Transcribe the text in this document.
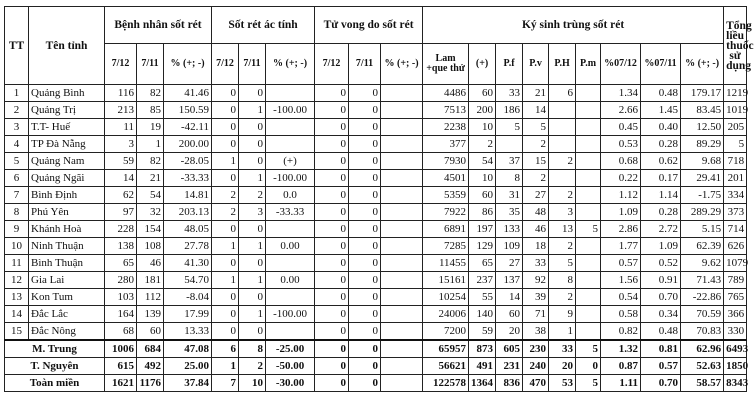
TT	Tên tỉnh	Bệnh nhân sốt rét			Sốt rét ác tính			Tử vong do sốt rét			Ký sinh trùng sốt rét									Tổng liều thuốc sử dụng
		7/12	7/11	% (+; -)	7/12	7/11	% (+; -)	7/12	7/11	% (+; -)	Lam +que thử	(+)	P.f	P.v	P.H	P.m	%07/12	%07/11	% (+; -)	
1	Quảng Bình	116	82	41.46	0	0		0	0		4486	60	33	21	6		1.34	0.48	179.17	1219
2	Quảng Trị	213	85	150.59	0	1	-100.00	0	0		7513	200	186	14			2.66	1.45	83.45	1019
3	T.T- Huế	11	19	-42.11	0	0		0	0		2238	10	5	5			0.45	0.40	12.50	205
4	TP Đà Nẵng	3	1	200.00	0	0		0	0		377	2		2			0.53	0.28	89.29	5
5	Quảng Nam	59	82	-28.05	1	0	(+)	0	0		7930	54	37	15	2		0.68	0.62	9.68	718
6	Quảng Ngãi	14	21	-33.33	0	1	-100.00	0	0		4501	10	8	2			0.22	0.17	29.41	201
7	Bình Định	62	54	14.81	2	2	0.0	0	0		5359	60	31	27	2		1.12	1.14	-1.75	334
8	Phú Yên	97	32	203.13	2	3	-33.33	0	0		7922	86	35	48	3		1.09	0.28	289.29	373
9	Khánh Hoà	228	154	48.05	0	0		0	0		6891	197	133	46	13	5	2.86	2.72	5.15	714
10	Ninh Thuận	138	108	27.78	1	1	0.00	0	0		7285	129	109	18	2		1.77	1.09	62.39	626
11	Bình Thuận	65	46	41.30	0	0		0	0		11455	65	27	33	5		0.57	0.52	9.62	1079
12	Gia Lai	280	181	54.70	1	1	0.00	0	0		15161	237	137	92	8		1.56	0.91	71.43	789
13	Kon Tum	103	112	-8.04	0	0		0	0		10254	55	14	39	2		0.54	0.70	-22.86	765
14	Đắc Lắc	164	139	17.99	0	1	-100.00	0	0		24006	140	60	71	9		0.58	0.34	70.59	366
15	Đắc Nông	68	60	13.33	0	0		0	0		7200	59	20	38	1		0.82	0.48	70.83	330
M. Trung		1006	684	47.08	6	8	-25.00	0	0		65957	873	605	230	33	5	1.32	0.81	62.96	6493
T. Nguyên		615	492	25.00	1	2	-50.00	0	0		56621	491	231	240	20	0	0.87	0.57	52.63	1850
Toàn miền		1621	1176	37.84	7	10	-30.00	0	0		122578	1364	836	470	53	5	1.11	0.70	58.57	8343
